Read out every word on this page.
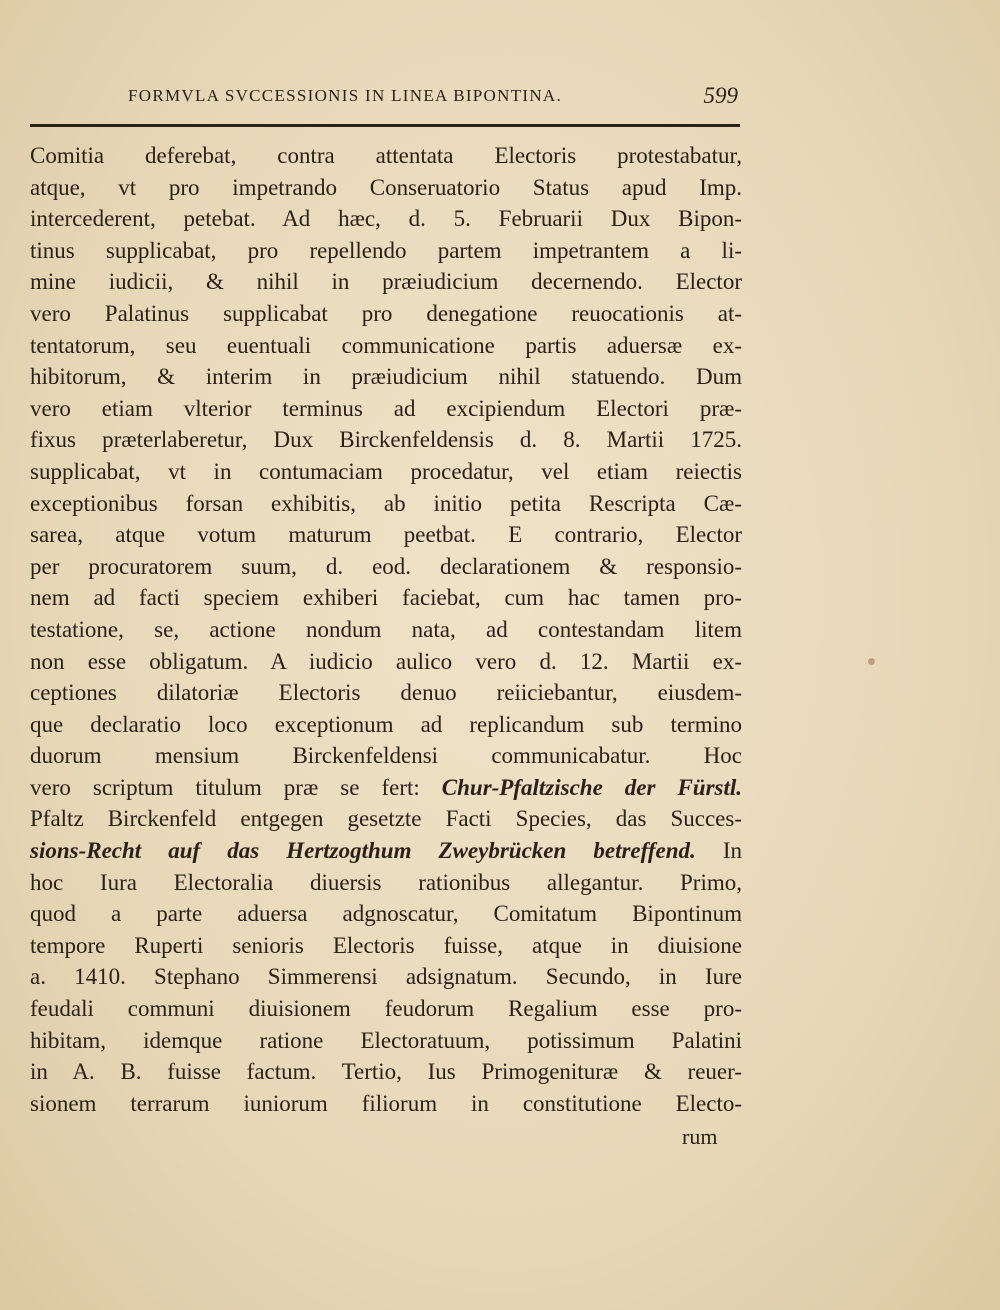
FORMVLA SVCCESSIONIS IN LINEA BIPONTINA.	599
Comitia deferebat, contra attentata Electoris protestabatur,
atque, vt pro impetrando Conseruatorio Status apud Imp.
intercederent, petebat. Ad hæc, d. 5. Februarii Dux Bipon-
tinus supplicabat, pro repellendo partem impetrantem a li-
mine iudicii, & nihil in præiudicium decernendo. Elector
vero Palatinus supplicabat pro denegatione reuocationis at-
tentatorum, seu euentuali communicatione partis aduersæ ex-
hibitorum, & interim in præiudicium nihil statuendo. Dum
vero etiam vlterior terminus ad excipiendum Electori præ-
fixus præterlaberetur, Dux Birckenfeldensis d. 8. Martii 1725.
supplicabat, vt in contumaciam procedatur, vel etiam reiectis
exceptionibus forsan exhibitis, ab initio petita Rescripta Cæ-
sarea, atque votum maturum peetbat. E contrario, Elector
per procuratorem suum, d. eod. declarationem & responsio-
nem ad facti speciem exhiberi faciebat, cum hac tamen pro-
testatione, se, actione nondum nata, ad contestandam litem
non esse obligatum. A iudicio aulico vero d. 12. Martii ex-
ceptiones dilatoriæ Electoris denuo reiiciebantur, eiusdem-
que declaratio loco exceptionum ad replicandum sub termino
duorum mensium Birckenfeldensi communicabatur. Hoc
vero scriptum titulum præ se fert: Chur-Pfaltzische der Fürstl.
Pfaltz Birckenfeld entgegen gesetzte Facti Species, das Succes-
sions-Recht auf das Hertzogthum Zweybrücken betreffend. In
hoc Iura Electoralia diuersis rationibus allegantur. Primo,
quod a parte aduersa adgnoscatur, Comitatum Bipontinum
tempore Ruperti senioris Electoris fuisse, atque in diuisione
a. 1410. Stephano Simmerensi adsignatum. Secundo, in Iure
feudali communi diuisionem feudorum Regalium esse pro-
hibitam, idemque ratione Electoratuum, potissimum Palatini
in A. B. fuisse factum. Tertio, Ius Primogenituræ & reuer-
sionem terrarum iuniorum filiorum in constitutione Electo-
rum
